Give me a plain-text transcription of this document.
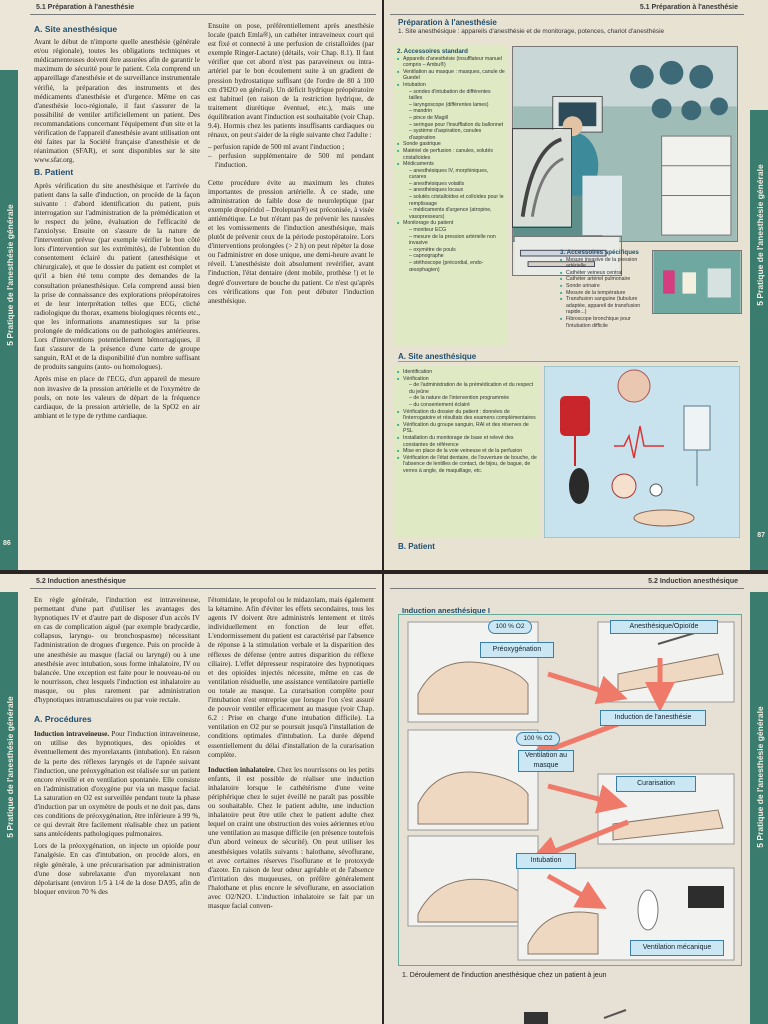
5.1 Préparation à l'anesthésie
5 Pratique de l'anesthésie générale
86
A. Site anesthésique

Avant le début de n'importe quelle anesthésie (générale et/ou régionale), toutes les obligations techniques et médicamenteuses doivent être assurées afin de garantir le maximum de sécurité pour le patient. Cela comprend un appareillage d'anesthésie et de surveillance instrumentale vérifié, la préparation des instruments et des médicaments d'anesthésie et d'urgence. Même en cas d'anesthésie loco-régionale, il faut s'assurer de la possibilité de ventiler artificiellement un patient. Des recommandations concernant l'équipement d'un site et la vérification de l'appareil d'anesthésie avant utilisation ont été faites par la Société française d'anesthésie et de réanimation (SFAR), et sont disponibles sur le site www.sfar.org.

B. Patient

Après vérification du site anesthésique et l'arrivée du patient dans la salle d'induction, on procède de la façon suivante : d'abord identification du patient, puis interrogation sur l'administration de la prémédication et le respect du jeûne, évaluation de l'efficacité de l'anxiolyse. Ensuite on s'assure de la nature de l'intervention prévue (par exemple vérifier le bon côté lors d'intervention sur les extrémités), de l'obtention du consentement éclairé du patient (anesthésique et chirurgicale), et que le dossier du patient est complet et qu'il a bien été tenu compte des demandes de la consultation préanesthésique. Cela comprend aussi bien la prise de connaissance des explorations préopératoires et de leur interprétation telles que ECG, cliché radiologique du thorax, examens biologiques récents etc., que les informations anamnestiques sur la prise prolongée de médications ou de pathologies antérieures. Lors d'interventions potentiellement hémorragiques, il faut s'assurer de la présence d'une carte de groupe sanguin, RAI et de la disponibilité d'un nombre suffisant de produits sanguins (auto- ou homologues).

Après mise en place de l'ECG, d'un appareil de mesure non invasive de la pression artérielle et de l'oxymètre de pouls, on note les valeurs de départ de la fréquence cardiaque, de la pression artérielle, de la SpO2 en air ambiant et le type de rythme cardiaque.

Ensuite on pose, préférentiellement après anesthésie locale (patch Emla®), un cathéter intraveineux court qui est fixé et connecté à une perfusion de cristalloïdes (par exemple Ringer-Lactate) (détails, voir Chap. 8.1). Il faut vérifier que cet abord n'est pas paraveineux ou intra-artériel par le bon écoulement suite à un gradient de pression hydrostatique suffisant (de l'ordre de 80 à 100 cm d'H2O en général). Un déficit hydrique préopératoire est habituel (en raison de la restriction hydrique, de traitement diurétique éventuel, etc.), mais une équilibration avant l'induction est souhaitable (voir Chap. 9.4). Hormis chez les patients insuffisants cardiaques ou rénaux, on peut s'aider de la règle suivante chez l'adulte :

– perfusion rapide de 500 ml avant l'induction ;
– perfusion supplémentaire de 500 ml pendant l'induction.

Cette procédure évite au maximum les chutes importantes de pression artérielle. À ce stade, une administration de faible dose de neuroleptique (par exemple dropéridol – Droleptan®) est préconisée, à visée antiémétique. Le but n'étant pas de prévenir les nausées et les vomissements de l'induction anesthésique, mais plutôt de prévenir ceux de la période postopératoire. Lors d'interventions prolongées (> 2 h) on peut répéter la dose ou l'administrer en dose unique, une demi-heure avant le réveil. L'anesthésiste doit absolument revérifier, avant l'induction, l'état dentaire (dent mobile, prothèse !) et le degré d'ouverture de bouche du patient. Ce n'est qu'après ces vérifications que l'on peut débuter l'induction anesthésique.

5.1 Préparation à l'anesthésie
5 Pratique de l'anesthésie générale
87
Préparation à l'anesthésie
1. Site anesthésique : appareils d'anesthésie et de monitorage, potences, chariot d'anesthésie
2. Accessoires standard
■ Appareils d'anesthésie (insufflateur manuel compris – Ambu®)
■ Ventilation au masque : masques, canule de Guedel
■ Intubation
– sondes d'intubation de différentes tailles
– laryngoscope (différentes lames)
– mandrin
– pince de Magill
– seringue pour l'insufflation du ballonnet
– système d'aspiration, canules d'aspiration
■ Sonde gastrique
■ Matériel de perfusion : canules, solutés cristalloïdes
■ Médicaments
– anesthésiques IV, morphiniques, curares
– anesthésiques volatils
– anesthésiques locaux
– solutés cristalloïdes et colloïdes pour le remplissage
– médicaments d'urgence (atropine, vasopresseurs)
■ Monitorage du patient
– moniteur ECG
– mesure de la pression artérielle non invasive
– oxymètre de pouls
– capnographe
– stéthoscope (précordial, endo-œsophagien)
3. Accessoires spécifiques
■ Mesure invasive de la pression artérielle
■ Cathéter veineux central
■ Cathéter artériel pulmonaire
■ Sonde urinaire
■ Mesure de la température
■ Transfusion sanguine (tubulure adaptée, appareil de transfusion rapide...)
■ Fibroscope bronchique pour l'intubation difficile
A. Site anesthésique
■ Identification
■ Vérification
– de l'administration de la prémédication et du respect du jeûne
– de la nature de l'intervention programmée
– du consentement éclairé
■ Vérification du dossier du patient : données de l'interrogatoire et résultats des examens complémentaires
■ Vérification du groupe sanguin, RAI et des réserves de PSL
■ Installation du monitorage de base et relevé des constantes de référence
■ Mise en place de la voie veineuse et de la perfusion
■ Vérification de l'état dentaire, de l'ouverture de bouche, de l'absence de lentilles de contact, de bijou, de bague, de verres à angle, de maquillage, etc.
B. Patient
5.2 Induction anesthésique
5 Pratique de l'anesthésie générale

En règle générale, l'induction est intraveineuse, permettant d'une part d'utiliser les avantages des hypnotiques IV et d'autre part de disposer d'un accès IV en cas de complication aiguë (par exemple bradycardie, collapsus, laryngo- ou bronchospasme) nécessitant l'administration de drogues d'urgence. Puis on procède à une anesthésie au masque (facial ou laryngé) ou à une anesthésie avec intubation, sous forme inhalatoire, IV ou balancée. Une exception est faite pour le nouveau-né ou le nourrisson, chez lesquels l'induction est inhalatoire au masque, ou plus rarement par administration d'hypnotiques intramusculaires ou par voie rectale.

A. Procédures

Induction intraveineuse. Pour l'induction intraveineuse, on utilise des hypnotiques, des opioïdes et éventuellement des myorelaxants (intubation). En raison de la perte des réflexes laryngés et de l'apnée suivant l'induction, une préoxygénation est réalisée sur un patient encore réveillé et en ventilation spontanée. Elle consiste en l'administration d'oxygène pur via un masque facial. La saturation en O2 est surveillée pendant toute la phase d'induction par un oxymètre de pouls et ne doit pas, dans ces conditions de préoxygénation, être inférieure à 99 %, ce qui devrait être facilement réalisable chez un patient sans antécédents pathologiques pulmonaires.

Lors de la préoxygénation, on injecte un opioïde pour l'analgésie. En cas d'intubation, on procède alors, en règle générale, à une précurarisation par administration d'une dose subrelaxante d'un myorelaxant non dépolarisant (environ 1/5 à 1/4 de la dose DA95, afin de bloquer environ 70 % des

l'étomidate, le propofol ou le midazolam, mais également la kétamine. Afin d'éviter les effets secondaires, tous les agents IV doivent être administrés lentement et titrés individuellement en fonction de leur effet. L'endormissement du patient est caractérisé par l'absence de réponse à la stimulation verbale et la disparition des réflexes de défense (entre autres disparition du réflexe ciliaire). L'effet dépresseur respiratoire des hypnotiques et des opioïdes injectés nécessite, même en cas de ventilation résiduelle, une assistance ventilatoire partielle ou totale au masque. La curarisation complète pour l'intubation n'est entreprise que lorsque l'on s'est assuré de pouvoir ventiler efficacement au masque (voir Chap. 6.2 : Prise en charge d'une intubation difficile). La ventilation en O2 pur se poursuit jusqu'à l'installation de conditions optimales d'intubation. La durée dépend essentiellement du délai d'installation de la curarisation complète.

Induction inhalatoire. Chez les nourrissons ou les petits enfants, il est possible de réaliser une induction inhalatoire lorsque le cathétérisme d'une veine périphérique chez le sujet éveillé ne paraît pas possible ou souhaitable. Chez le patient adulte, une induction inhalatoire peut être utile chez le patient adulte chez lequel on craint une obstruction des voies aériennes et/ou une ventilation au masque difficile (en présence toutefois d'un abord veineux de sécurité). On peut utiliser les anesthésiques volatils suivants : halothane, sévoflurane, et avec certaines réserves l'isoflurane et le protoxyde d'azote. En raison de leur odeur agréable et de l'absence d'irritation des muqueuses, on préfère généralement l'halothane et plus encore le sévoflurane, en association avec O2/N2O. L'induction inhalatoire se fait par un masque facial conven-

5.2 Induction anesthésique
5 Pratique de l'anesthésie générale
Induction anesthésique I
100 % O2
Préoxygénation
Anesthésique/Opioïde
Induction de l'anesthésie
100 % O2
Ventilation au masque
Curarisation
Intubation
Ventilation mécanique
1. Déroulement de l'induction anesthésique chez un patient à jeun
